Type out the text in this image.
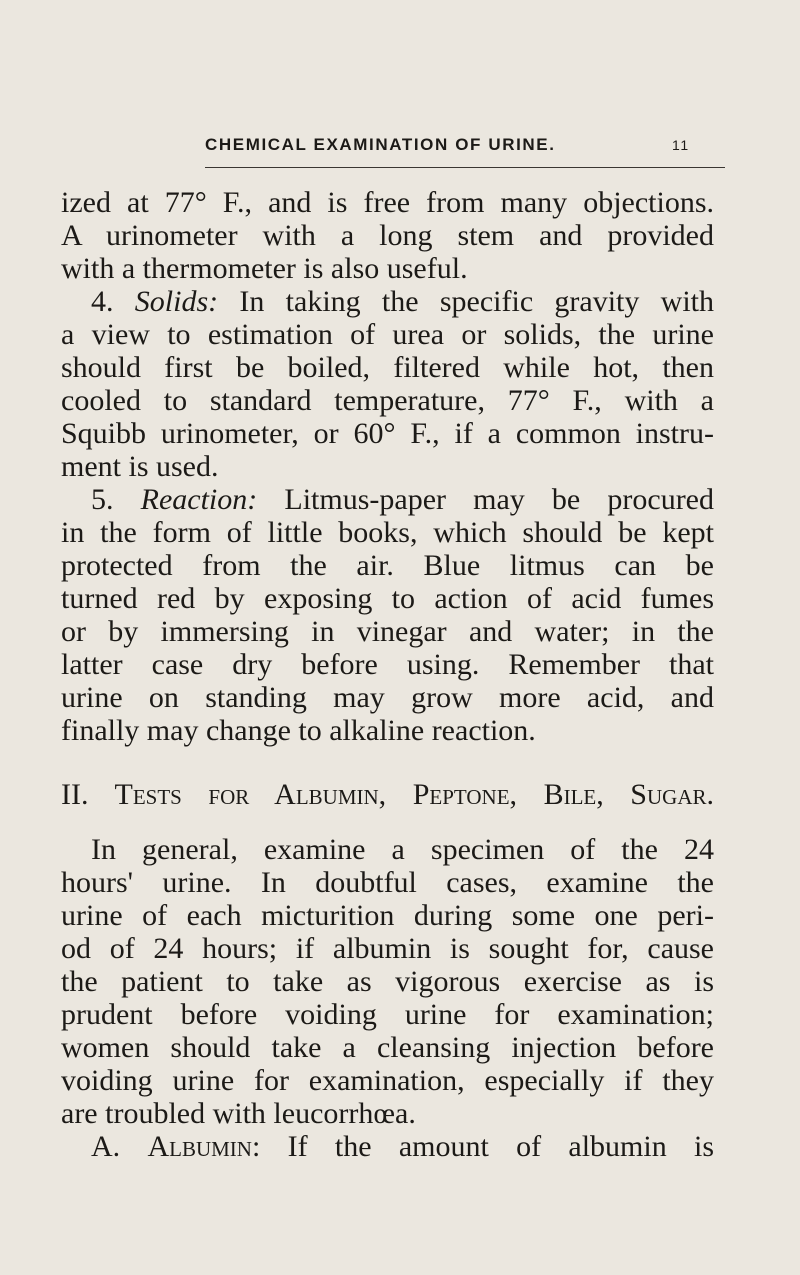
CHEMICAL EXAMINATION OF URINE.	11
ized at 77° F., and is free from many objections.
A urinometer with a long stem and provided
with a thermometer is also useful.
4. Solids: In taking the specific gravity with
a view to estimation of urea or solids, the urine
should first be boiled, filtered while hot, then
cooled to standard temperature, 77° F., with a
Squibb urinometer, or 60° F., if a common instru-
ment is used.
5. Reaction: Litmus-paper may be procured
in the form of little books, which should be kept
protected from the air. Blue litmus can be
turned red by exposing to action of acid fumes
or by immersing in vinegar and water; in the
latter case dry before using. Remember that
urine on standing may grow more acid, and
finally may change to alkaline reaction.
II. Tests for Albumin, Peptone, Bile, Sugar.
In general, examine a specimen of the 24
hours' urine. In doubtful cases, examine the
urine of each micturition during some one peri-
od of 24 hours; if albumin is sought for, cause
the patient to take as vigorous exercise as is
prudent before voiding urine for examination;
women should take a cleansing injection before
voiding urine for examination, especially if they
are troubled with leucorrhœa.
A. Albumin: If the amount of albumin is
